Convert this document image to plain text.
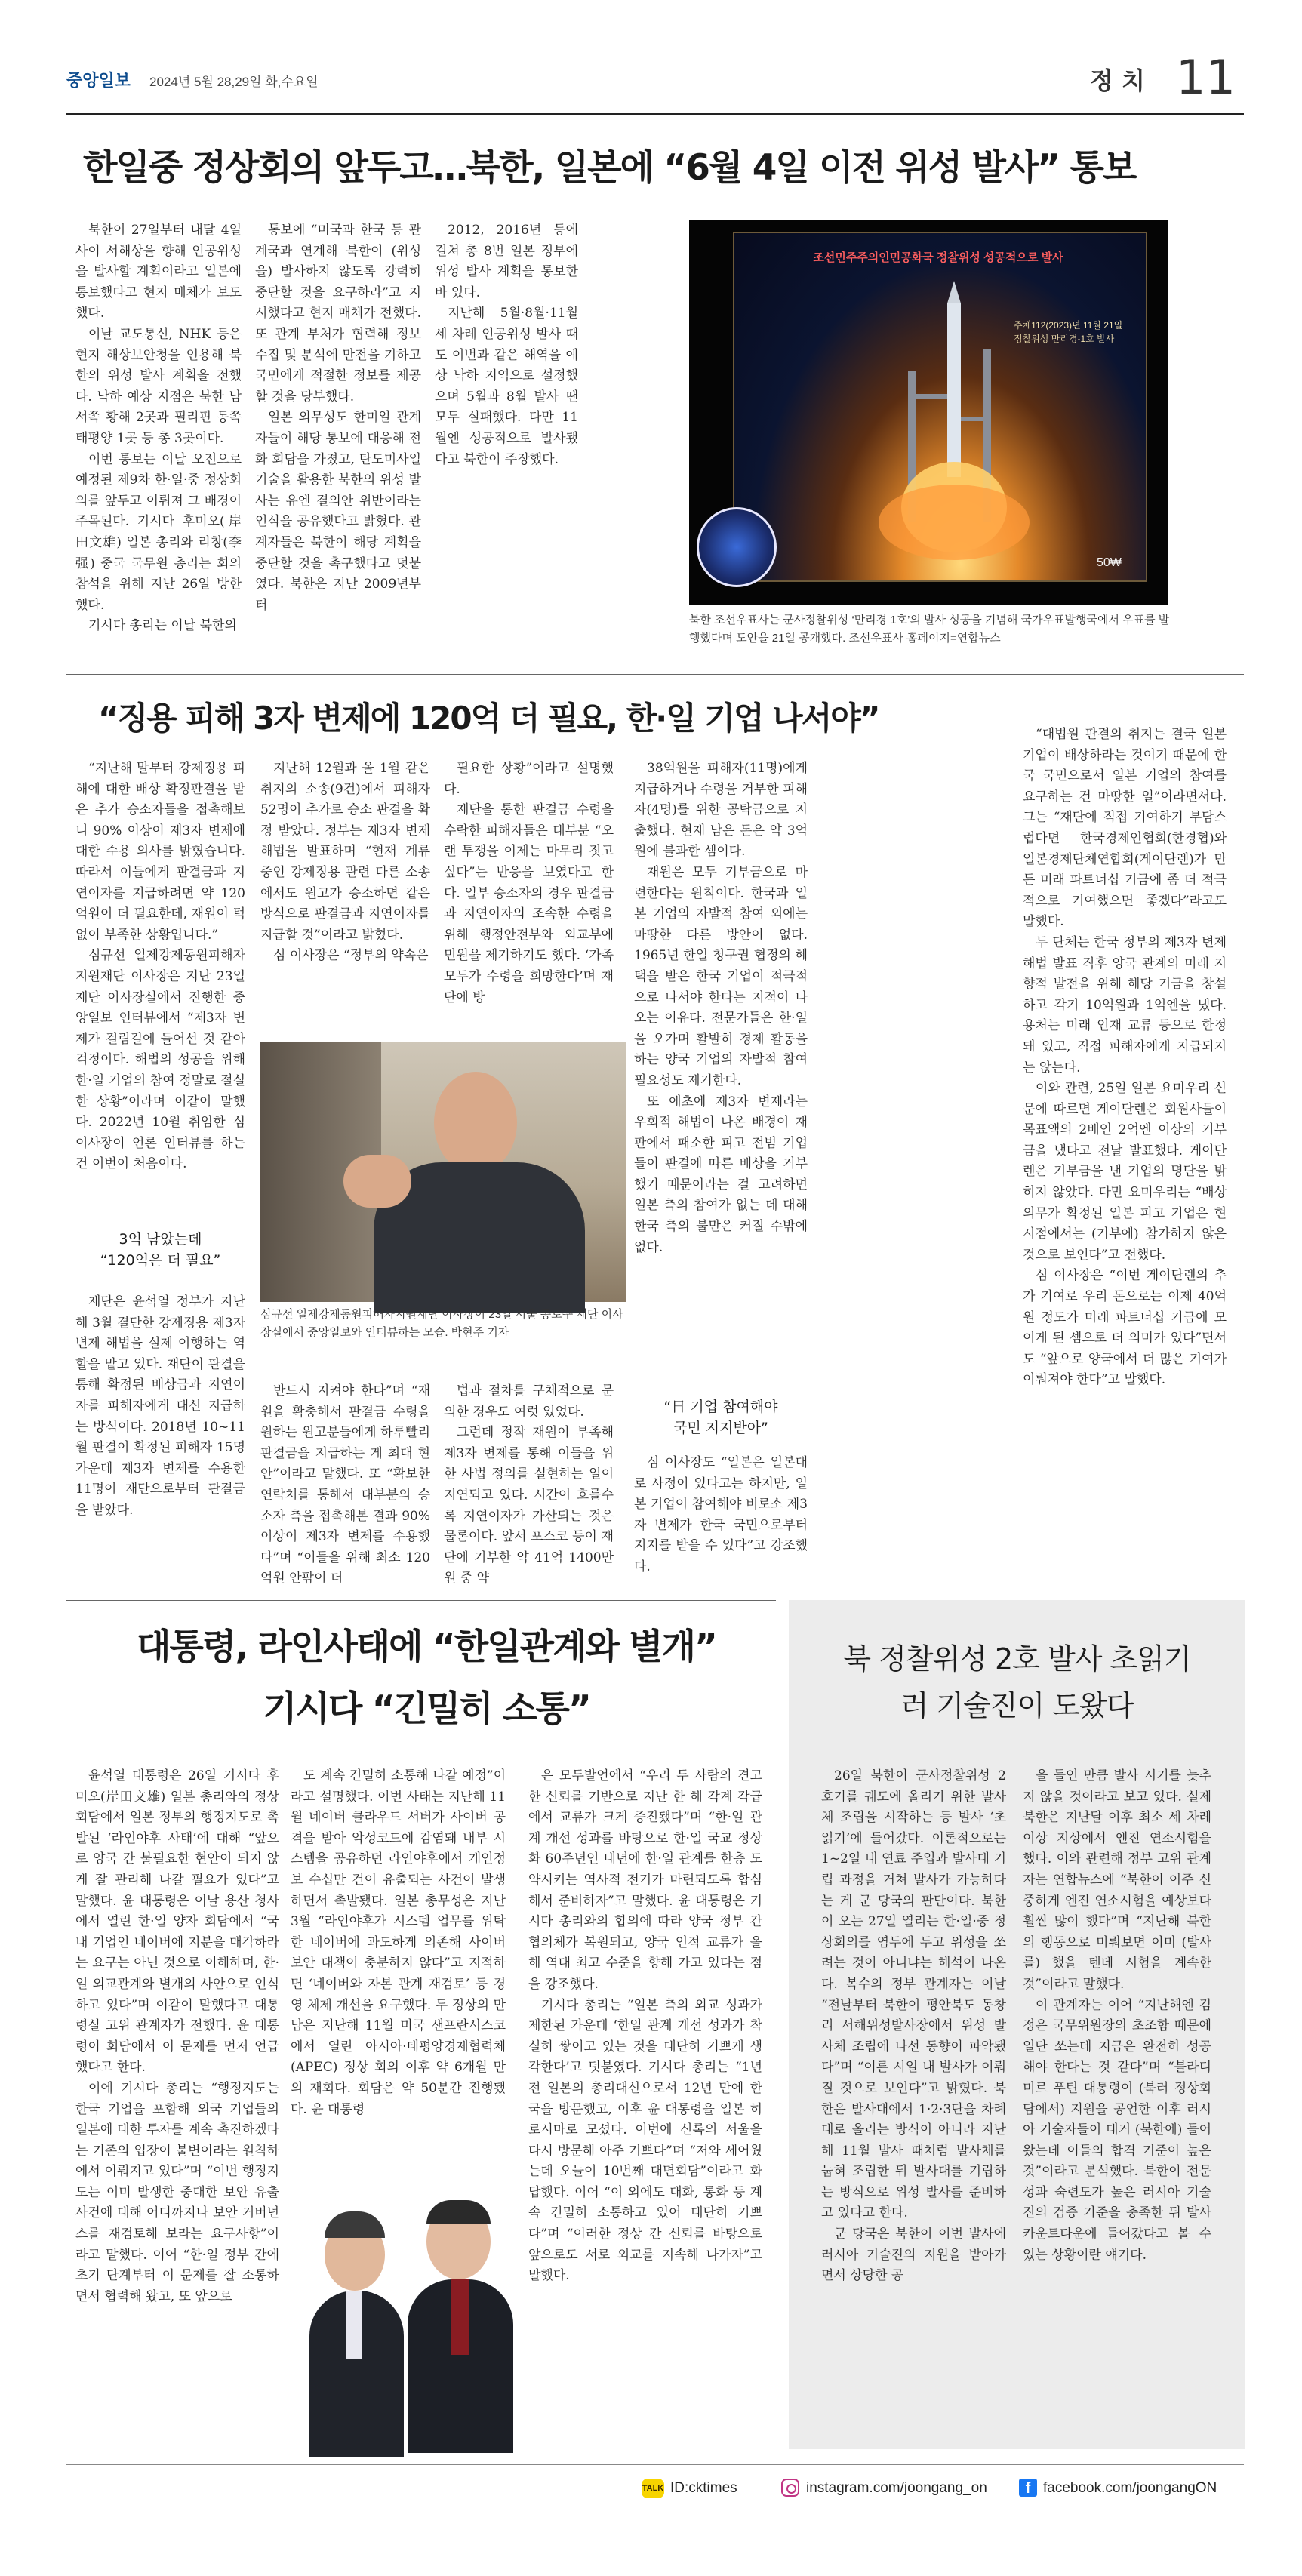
중앙일보 2024년 5월 28,29일 화,수요일	정 치 11
한일중 정상회의 앞두고…북한, 일본에 “6월 4일 이전 위성 발사” 통보

북한이 27일부터 내달 4일 사이 서해상을 향해 인공위성을 발사할 계획이라고 일본에 통보했다고 현지 매체가 보도했다.

이날 교도통신, NHK 등은 현지 해상보안청을 인용해 북한의 위성 발사 계획을 전했다. 낙하 예상 지점은 북한 남서쪽 황해 2곳과 필리핀 동쪽 태평양 1곳 등 총 3곳이다.

이번 통보는 이날 오전으로 예정된 제9차 한·일·중 정상회의를 앞두고 이뤄져 그 배경이 주목된다. 기시다 후미오(岸田文雄) 일본 총리와 리창(李强) 중국 국무원 총리는 회의 참석을 위해 지난 26일 방한했다.

기시다 총리는 이날 북한의

통보에 “미국과 한국 등 관계국과 연계해 북한이 (위성을) 발사하지 않도록 강력히 중단할 것을 요구하라”고 지시했다고 현지 매체가 전했다. 또 관계 부처가 협력해 정보 수집 및 분석에 만전을 기하고 국민에게 적절한 정보를 제공할 것을 당부했다.

일본 외무성도 한미일 관계자들이 해당 통보에 대응해 전화 회담을 가졌고, 탄도미사일 기술을 활용한 북한의 위성 발사는 유엔 결의안 위반이라는 인식을 공유했다고 밝혔다. 관계자들은 북한이 해당 계획을 중단할 것을 촉구했다고 덧붙였다. 북한은 지난 2009년부터

2012, 2016년 등에 걸쳐 총 8번 일본 정부에 위성 발사 계획을 통보한 바 있다.

지난해 5월·8월·11월 세 차례 인공위성 발사 때도 이번과 같은 해역을 예상 낙하 지역으로 설정했으며 5월과 8월 발사 땐 모두 실패했다. 다만 11월엔 성공적으로 발사됐다고 북한이 주장했다.

조선민주주의인민공화국 정찰위성 성공적으로 발사
주체112(2023)년 11월 21일 정찰위성 만리경-1호 발사
50₩
북한 조선우표사는 군사정찰위성 ‘만리경 1호’의 발사 성공을 기념해 국가우표발행국에서 우표를 발행했다며 도안을 21일 공개했다. 조선우표사 홈페이지=연합뉴스
“징용 피해 3자 변제에 120억 더 필요, 한·일 기업 나서야”

“지난해 말부터 강제징용 피해에 대한 배상 확정판결을 받은 추가 승소자들을 접촉해보니 90% 이상이 제3자 변제에 대한 수용 의사를 밝혔습니다. 따라서 이들에게 판결금과 지연이자를 지급하려면 약 120억원이 더 필요한데, 재원이 턱없이 부족한 상황입니다.”

심규선 일제강제동원피해자지원재단 이사장은 지난 23일 재단 이사장실에서 진행한 중앙일보 인터뷰에서 “제3자 변제가 걸림길에 들어선 것 같아 걱정이다. 해법의 성공을 위해 한·일 기업의 참여 정말로 절실한 상황”이라며 이같이 말했다. 2022년 10월 취임한 심 이사장이 언론 인터뷰를 하는 건 이번이 처음이다.

3억 남았는데
“120억은 더 필요”

재단은 윤석열 정부가 지난해 3월 결단한 강제징용 제3자 변제 해법을 실제 이행하는 역할을 맡고 있다. 재단이 판결을 통해 확정된 배상금과 지연이자를 피해자에게 대신 지급하는 방식이다. 2018년 10~11월 판결이 확정된 피해자 15명 가운데 제3자 변제를 수용한 11명이 재단으로부터 판결금을 받았다.

지난해 12월과 올 1월 같은 취지의 소송(9건)에서 피해자 52명이 추가로 승소 판결을 확정 받았다. 정부는 제3자 변제 해법을 발표하며 “현재 계류 중인 강제징용 관련 다른 소송에서도 원고가 승소하면 같은 방식으로 판결금과 지연이자를 지급할 것”이라고 밝혔다.

심 이사장은 “정부의 약속은

필요한 상황”이라고 설명했다.

재단을 통한 판결금 수령을 수락한 피해자들은 대부분 “오랜 투쟁을 이제는 마무리 짓고 싶다”는 반응을 보였다고 한다. 일부 승소자의 경우 판결금과 지연이자의 조속한 수령을 위해 행정안전부와 외교부에 민원을 제기하기도 했다. ‘가족 모두가 수령을 희망한다’며 재단에 방

심규선 일제강제동원피해자지원재단 이사장이 23일 서울 종로구 재단 이사장실에서 중앙일보와 인터뷰하는 모습. 박현주 기자

반드시 지켜야 한다”며 “재원을 확충해서 판결금 수령을 원하는 원고분들에게 하루빨리 판결금을 지급하는 게 최대 현안”이라고 말했다. 또 “확보한 연락처를 통해서 대부분의 승소자 측을 접촉해본 결과 90% 이상이 제3자 변제를 수용했다”며 “이들을 위해 최소 120억원 안팎이 더

법과 절차를 구체적으로 문의한 경우도 여럿 있었다.

그런데 정작 재원이 부족해 제3자 변제를 통해 이들을 위한 사법 정의를 실현하는 일이 지연되고 있다. 시간이 흐를수록 지연이자가 가산되는 것은 물론이다. 앞서 포스코 등이 재단에 기부한 약 41억 1400만원 중 약

38억원을 피해자(11명)에게 지급하거나 수령을 거부한 피해자(4명)를 위한 공탁금으로 지출했다. 현재 남은 돈은 약 3억원에 불과한 셈이다.

재원은 모두 기부금으로 마련한다는 원칙이다. 한국과 일본 기업의 자발적 참여 외에는 마땅한 다른 방안이 없다. 1965년 한일 청구권 협정의 혜택을 받은 한국 기업이 적극적으로 나서야 한다는 지적이 나오는 이유다. 전문가들은 한·일을 오가며 활발히 경제 활동을 하는 양국 기업의 자발적 참여 필요성도 제기한다.

또 애초에 제3자 변제라는 우회적 해법이 나온 배경이 재판에서 패소한 피고 전범 기업들이 판결에 따른 배상을 거부했기 때문이라는 걸 고려하면 일본 측의 참여가 없는 데 대해 한국 측의 불만은 커질 수밖에 없다.

“日 기업 참여해야
국민 지지받아”

심 이사장도 “일본은 일본대로 사정이 있다고는 하지만, 일본 기업이 참여해야 비로소 제3자 변제가 한국 국민으로부터 지지를 받을 수 있다”고 강조했다.

“대법원 판결의 취지는 결국 일본 기업이 배상하라는 것이기 때문에 한국 국민으로서 일본 기업의 참여를 요구하는 건 마땅한 일”이라면서다. 그는 “재단에 직접 기여하기 부담스럽다면 한국경제인협회(한경협)와 일본경제단체연합회(게이단렌)가 만든 미래 파트너십 기금에 좀 더 적극적으로 기여했으면 좋겠다”라고도 말했다.

두 단체는 한국 정부의 제3자 변제 해법 발표 직후 양국 관계의 미래 지향적 발전을 위해 해당 기금을 창설하고 각기 10억원과 1억엔을 냈다. 용처는 미래 인재 교류 등으로 한정돼 있고, 직접 피해자에게 지급되지는 않는다.

이와 관련, 25일 일본 요미우리 신문에 따르면 게이단렌은 회원사들이 목표액의 2배인 2억엔 이상의 기부금을 냈다고 전날 발표했다. 게이단렌은 기부금을 낸 기업의 명단을 밝히지 않았다. 다만 요미우리는 “배상 의무가 확정된 일본 피고 기업은 현시점에서는 (기부에) 참가하지 않은 것으로 보인다”고 전했다.

심 이사장은 “이번 게이단렌의 추가 기여로 우리 돈으로는 이제 40억원 정도가 미래 파트너십 기금에 모이게 된 셈으로 더 의미가 있다”면서도 “앞으로 양국에서 더 많은 기여가 이뤄져야 한다”고 말했다.

대통령, 라인사태에 “한일관계와 별개”
기시다 “긴밀히 소통”

윤석열 대통령은 26일 기시다 후미오(岸田文雄) 일본 총리와의 정상회담에서 일본 정부의 행정지도로 촉발된 ‘라인야후 사태’에 대해 “앞으로 양국 간 불필요한 현안이 되지 않게 잘 관리해 나갈 필요가 있다”고 말했다. 윤 대통령은 이날 용산 청사에서 열린 한·일 양자 회담에서 “국내 기업인 네이버에 지분을 매각하라는 요구는 아닌 것으로 이해하며, 한·일 외교관계와 별개의 사안으로 인식하고 있다”며 이같이 말했다고 대통령실 고위 관계자가 전했다. 윤 대통령이 회담에서 이 문제를 먼저 언급했다고 한다.

이에 기시다 총리는 “행정지도는 한국 기업을 포함해 외국 기업들의 일본에 대한 투자를 계속 촉진하겠다는 기존의 입장이 불변이라는 원칙하에서 이뤄지고 있다”며 “이번 행정지도는 이미 발생한 중대한 보안 유출 사건에 대해 어디까지나 보안 거버넌스를 재검토해 보라는 요구사항”이라고 말했다. 이어 “한·일 정부 간에 초기 단계부터 이 문제를 잘 소통하면서 협력해 왔고, 또 앞으로

도 계속 긴밀히 소통해 나갈 예정”이라고 설명했다. 이번 사태는 지난해 11월 네이버 클라우드 서버가 사이버 공격을 받아 악성코드에 감염돼 내부 시스템을 공유하던 라인야후에서 개인정보 수십만 건이 유출되는 사건이 발생하면서 촉발됐다. 일본 총무성은 지난 3월 “라인야후가 시스템 업무를 위탁한 네이버에 과도하게 의존해 사이버 보안 대책이 충분하지 않다”고 지적하면 ‘네이버와 자본 관계 재검토’ 등 경영 체제 개선을 요구했다. 두 정상의 만남은 지난해 11월 미국 샌프란시스코에서 열린 아시아·태평양경제협력체(APEC) 정상 회의 이후 약 6개월 만의 재회다. 회담은 약 50분간 진행됐다. 윤 대통령

은 모두발언에서 “우리 두 사람의 견고한 신뢰를 기반으로 지난 한 해 각계 각급에서 교류가 크게 증진됐다”며 “한·일 관계 개선 성과를 바탕으로 한·일 국교 정상화 60주년인 내년에 한·일 관계를 한층 도약시키는 역사적 전기가 마련되도록 합심해서 준비하자”고 말했다. 윤 대통령은 기시다 총리와의 합의에 따라 양국 정부 간 협의체가 복원되고, 양국 인적 교류가 올해 역대 최고 수준을 향해 가고 있다는 점을 강조했다.

기시다 총리는 “일본 측의 외교 성과가 제한된 가운데 ‘한일 관계 개선 성과가 착실히 쌓이고 있는 것을 대단히 기쁘게 생각한다’고 덧붙였다. 기시다 총리는 “1년 전 일본의 총리대신으로서 12년 만에 한국을 방문했고, 이후 윤 대통령을 일본 히로시마로 모셨다. 이번에 신록의 서울을 다시 방문해 아주 기쁘다”며 “저와 세어웠는데 오늘이 10번째 대면회담”이라고 화답했다. 이어 “이 외에도 대화, 통화 등 계속 긴밀히 소통하고 있어 대단히 기쁘다”며 “이러한 정상 간 신뢰를 바탕으로 앞으로도 서로 외교를 지속해 나가자”고 말했다.

북 정찰위성 2호 발사 초읽기
러 기술진이 도왔다

26일 북한이 군사정찰위성 2호기를 궤도에 올리기 위한 발사체 조립을 시작하는 등 발사 ‘초읽기’에 들어갔다. 이론적으로는 1~2일 내 연료 주입과 발사대 기립 과정을 거쳐 발사가 가능하다는 게 군 당국의 판단이다. 북한이 오는 27일 열리는 한·일·중 정상회의를 염두에 두고 위성을 쏘려는 것이 아니냐는 해석이 나온다. 복수의 정부 관계자는 이날 “전날부터 북한이 평안북도 동창리 서해위성발사장에서 위성 발사체 조립에 나선 동향이 파악됐다”며 “이른 시일 내 발사가 이뤄질 것으로 보인다”고 밝혔다. 북한은 발사대에서 1·2·3단을 차례대로 올리는 방식이 아니라 지난해 11월 발사 때처럼 발사체를 눕혀 조립한 뒤 발사대를 기립하는 방식으로 위성 발사를 준비하고 있다고 한다.

군 당국은 북한이 이번 발사에 러시아 기술진의 지원을 받아가면서 상당한 공

을 들인 만큼 발사 시기를 늦추지 않을 것이라고 보고 있다. 실제 북한은 지난달 이후 최소 세 차례 이상 지상에서 엔진 연소시험을 했다. 이와 관련해 정부 고위 관계자는 연합뉴스에 “북한이 이주 신중하게 엔진 연소시험을 예상보다 훨씬 많이 했다”며 “지난해 북한의 행동으로 미뤄보면 이미 (발사를) 했을 텐데 시험을 계속한 것”이라고 말했다.

이 관계자는 이어 “지난해엔 김정은 국무위원장의 초조함 때문에 일단 쏘는데 지금은 완전히 성공해야 한다는 것 같다”며 “블라디미르 푸틴 대통령이 (북러 정상회담에서) 지원을 공언한 이후 러시아 기술자들이 대거 (북한에) 들어왔는데 이들의 합격 기준이 높은 것”이라고 분석했다. 북한이 전문성과 숙련도가 높은 러시아 기술진의 검증 기준을 충족한 뒤 발사 카운트다운에 들어갔다고 볼 수 있는 상황이란 얘기다.

TALK ID:cktimes	instagram.com/joongang_on	f facebook.com/joongangON
